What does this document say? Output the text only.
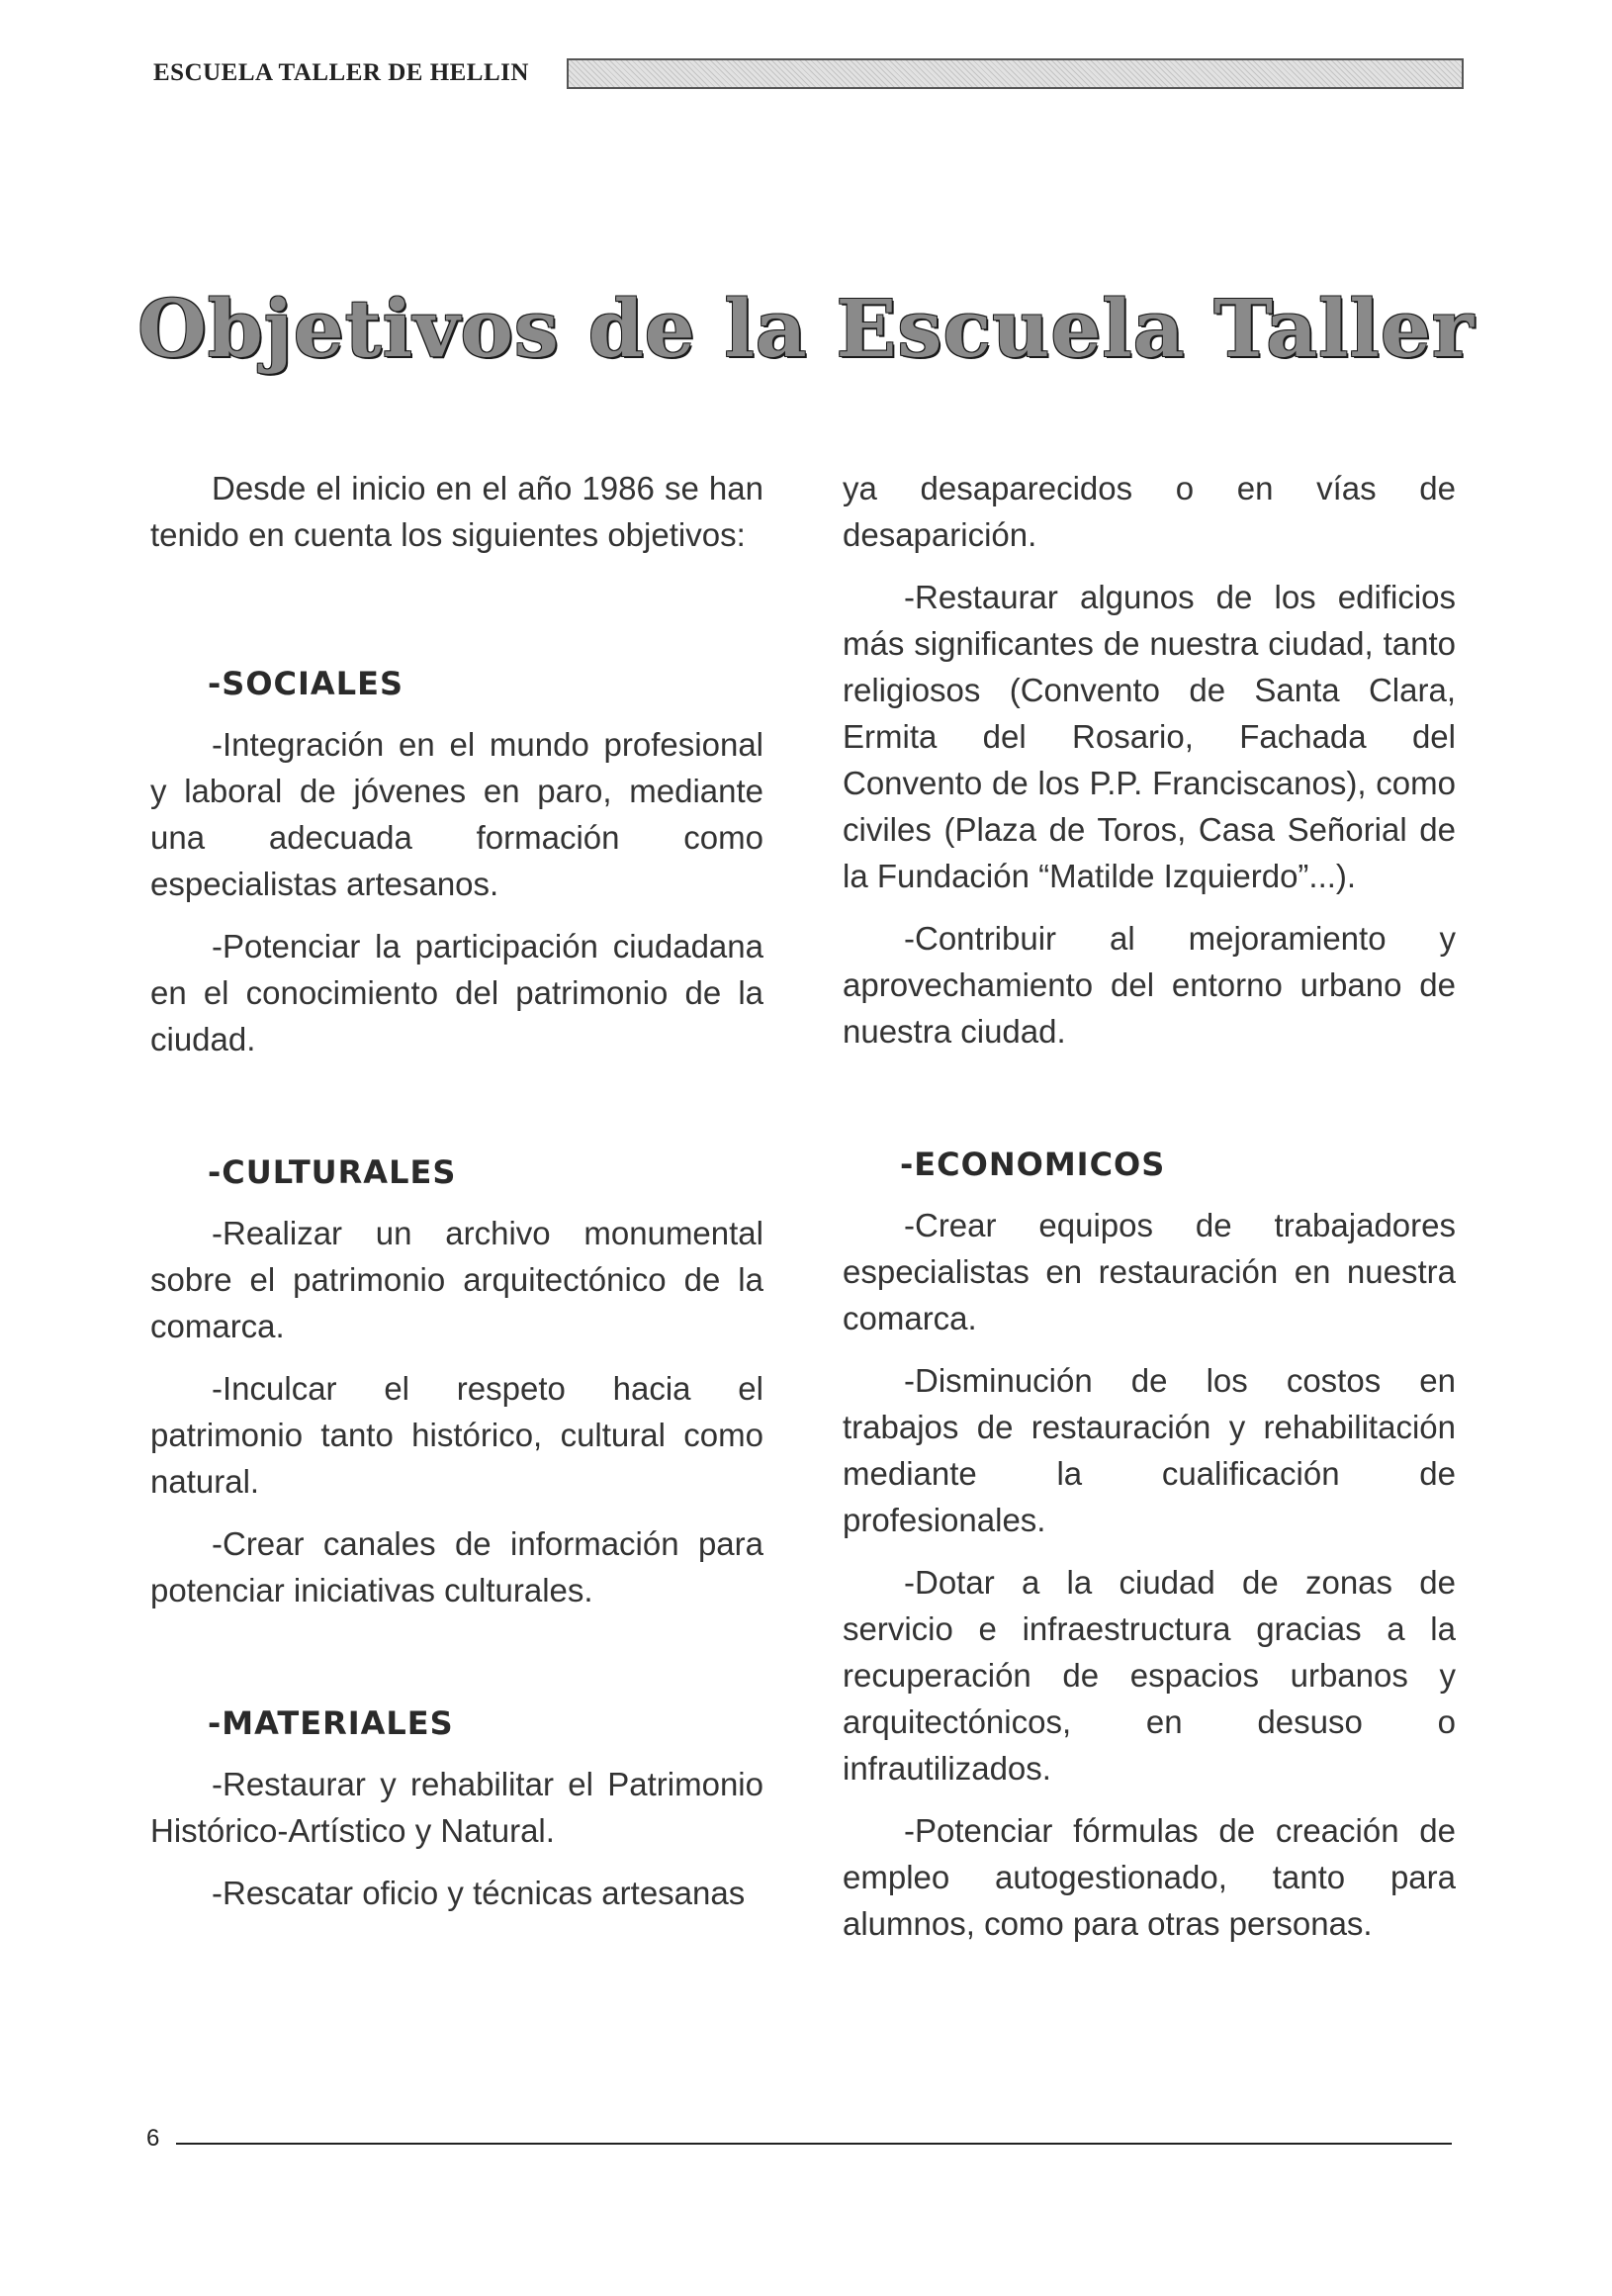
ESCUELA TALLER DE HELLIN
Objetivos de la Escuela Taller

Desde el inicio en el año 1986 se han tenido en cuenta los siguientes objetivos:

-SOCIALES

-Integración en el mundo profesional y laboral de jóvenes en paro, mediante una adecuada formación como especialistas artesanos.

-Potenciar la participación ciudadana en el conocimiento del patrimonio de la ciudad.

-CULTURALES

-Realizar un archivo monumental sobre el patrimonio arquitectónico de la comarca.

-Inculcar el respeto hacia el patrimonio tanto histórico, cultural como natural.

-Crear canales de información para potenciar iniciativas culturales.

-MATERIALES

-Restaurar y rehabilitar el Patrimonio Histórico-Artístico y Natural.

-Rescatar oficio y técnicas artesanas

ya desaparecidos o en vías de desaparición.

-Restaurar algunos de los edificios más significantes de nuestra ciudad, tanto religiosos (Convento de Santa Clara, Ermita del Rosario, Fachada del Convento de los P.P. Franciscanos), como civiles (Plaza de Toros, Casa Señorial de la Fundación “Matilde Izquierdo”...).

-Contribuir al mejoramiento y aprovechamiento del entorno urbano de nuestra ciudad.

-ECONOMICOS

-Crear equipos de trabajadores especialistas en restauración en nuestra comarca.

-Disminución de los costos en trabajos de restauración y rehabilitación mediante la cualificación de profesionales.

-Dotar a la ciudad de zonas de servicio e infraestructura gracias a la recuperación de espacios urbanos y arquitectónicos, en desuso o infrautilizados.

-Potenciar fórmulas de creación de empleo autogestionado, tanto para alumnos, como para otras personas.

6
